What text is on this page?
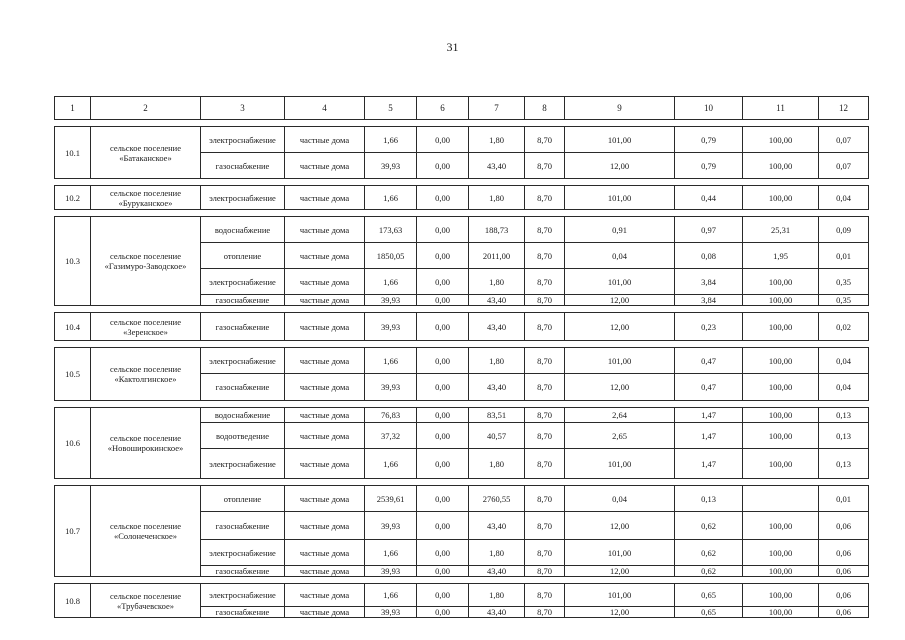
31
1	2	3	4	5	6	7	8	9	10	11	12

10.1	сельское поселение «Батаканское»	электроснабжение	частные дома	1,66	0,00	1,80	8,70	101,00	0,79	100,00	0,07
		газоснабжение	частные дома	39,93	0,00	43,40	8,70	12,00	0,79	100,00	0,07

10.2	сельское поселение «Буруканское»	электроснабжение	частные дома	1,66	0,00	1,80	8,70	101,00	0,44	100,00	0,04

10.3	сельское поселение «Газимуро-Заводское»	водоснабжение	частные дома	173,63	0,00	188,73	8,70	0,91	0,97	25,31	0,09
		отопление	частные дома	1850,05	0,00	2011,00	8,70	0,04	0,08	1,95	0,01
		электроснабжение	частные дома	1,66	0,00	1,80	8,70	101,00	3,84	100,00	0,35
		газоснабжение	частные дома	39,93	0,00	43,40	8,70	12,00	3,84	100,00	0,35

10.4	сельское поселение «Зеренское»	газоснабжение	частные дома	39,93	0,00	43,40	8,70	12,00	0,23	100,00	0,02

10.5	сельское поселение «Кактолгинское»	электроснабжение	частные дома	1,66	0,00	1,80	8,70	101,00	0,47	100,00	0,04
		газоснабжение	частные дома	39,93	0,00	43,40	8,70	12,00	0,47	100,00	0,04

10.6	сельское поселение «Новоширокинское»	водоснабжение	частные дома	76,83	0,00	83,51	8,70	2,64	1,47	100,00	0,13
		водоотведение	частные дома	37,32	0,00	40,57	8,70	2,65	1,47	100,00	0,13
		электроснабжение	частные дома	1,66	0,00	1,80	8,70	101,00	1,47	100,00	0,13

10.7	сельское поселение «Солонеченское»	отопление	частные дома	2539,61	0,00	2760,55	8,70	0,04	0,13		0,01
		газоснабжение	частные дома	39,93	0,00	43,40	8,70	12,00	0,62	100,00	0,06
		электроснабжение	частные дома	1,66	0,00	1,80	8,70	101,00	0,62	100,00	0,06
		газоснабжение	частные дома	39,93	0,00	43,40	8,70	12,00	0,62	100,00	0,06

10.8	сельское поселение «Трубачевское»	электроснабжение	частные дома	1,66	0,00	1,80	8,70	101,00	0,65	100,00	0,06
		газоснабжение	частные дома	39,93	0,00	43,40	8,70	12,00	0,65	100,00	0,06
